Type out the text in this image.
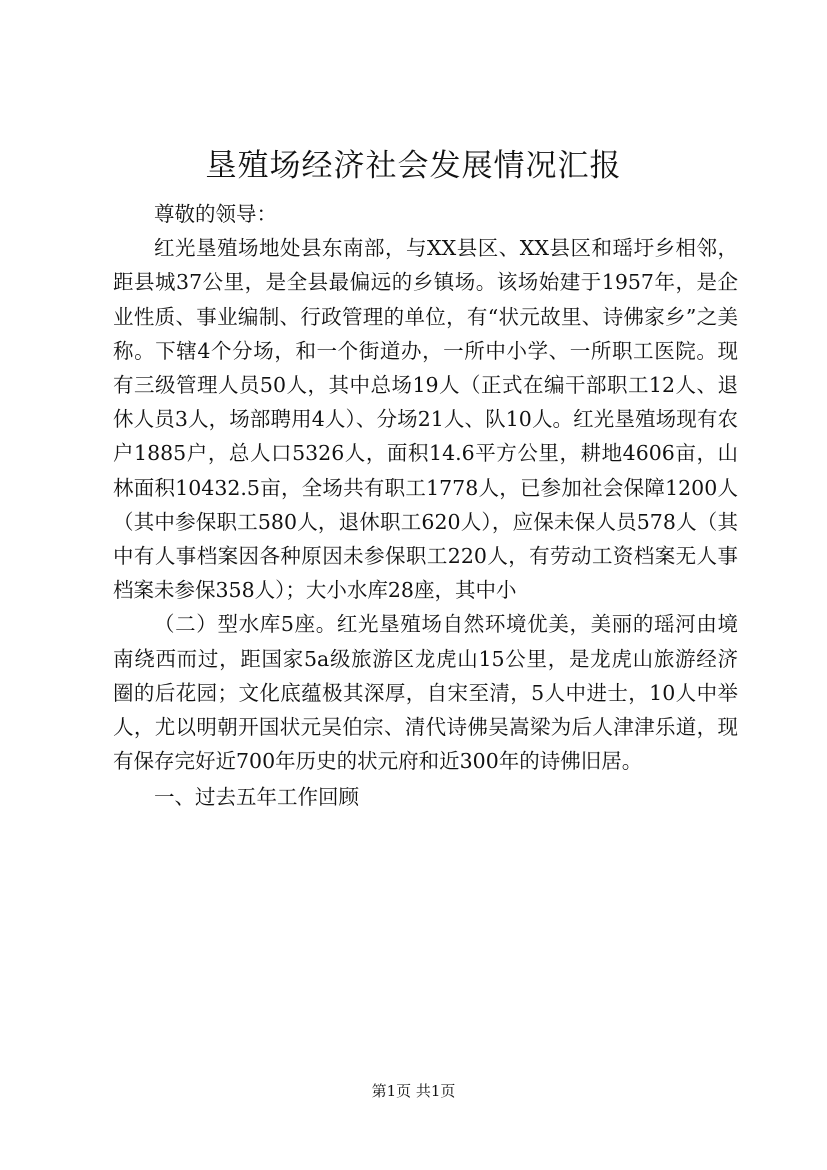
垦殖场经济社会发展情况汇报

尊敬的领导：

红光垦殖场地处县东南部，与XX县区、XX县区和瑶圩乡相邻，距县城37公里，是全县最偏远的乡镇场。该场始建于1957年，是企业性质、事业编制、行政管理的单位，有“状元故里、诗佛家乡”之美称。下辖4个分场，和一个街道办，一所中小学、一所职工医院。现有三级管理人员50人，其中总场19人（正式在编干部职工12人、退休人员3人，场部聘用4人）、分场21人、队10人。红光垦殖场现有农户1885户，总人口5326人，面积14.6平方公里，耕地4606亩，山林面积10432.5亩，全场共有职工1778人，已参加社会保障1200人（其中参保职工580人，退休职工620人），应保未保人员578人（其中有人事档案因各种原因未参保职工220人，有劳动工资档案无人事档案未参保358人）；大小水库28座，其中小

（二）型水库5座。红光垦殖场自然环境优美，美丽的瑶河由境南绕西而过，距国家5a级旅游区龙虎山15公里，是龙虎山旅游经济圈的后花园；文化底蕴极其深厚，自宋至清，5人中进士，10人中举人，尤以明朝开国状元吴伯宗、清代诗佛吴嵩梁为后人津津乐道，现有保存完好近700年历史的状元府和近300年的诗佛旧居。

一、过去五年工作回顾

第1页 共1页
